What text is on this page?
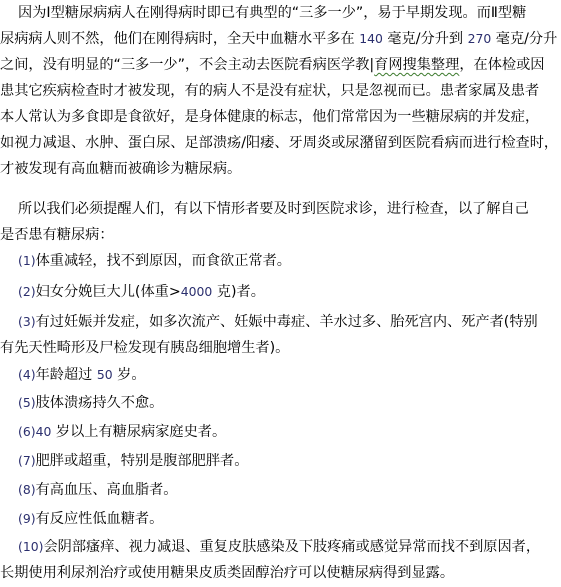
因为Ⅰ型糖尿病病人在刚得病时即已有典型的“三多一少”，易于早期发现。而Ⅱ型糖
尿病病人则不然，他们在刚得病时，全天中血糖水平多在 140 毫克/分升到 270 毫克/分升
之间，没有明显的“三多一少”，不会主动去医院看病医学教|育网搜集整理，在体检或因
患其它疾病检查时才被发现，有的病人不是没有症状，只是忽视而已。患者家属及患者
本人常认为多食即是食欲好，是身体健康的标志，他们常常因为一些糖尿病的并发症，
如视力减退、水肿、蛋白尿、足部溃疡/阳痿、牙周炎或尿潴留到医院看病而进行检查时，
才被发现有高血糖而被确诊为糖尿病。
所以我们必须提醒人们，有以下情形者要及时到医院求诊，进行检查，以了解自己
是否患有糖尿病：
(1)体重减轻，找不到原因，而食欲正常者。
(2)妇女分娩巨大儿(体重>4000 克)者。
(3)有过妊娠并发症，如多次流产、妊娠中毒症、羊水过多、胎死宫内、死产者(特别
有先天性畸形及尸检发现有胰岛细胞增生者)。
(4)年龄超过 50 岁。
(5)肢体溃疡持久不愈。
(6)40 岁以上有糖尿病家庭史者。
(7)肥胖或超重，特别是腹部肥胖者。
(8)有高血压、高血脂者。
(9)有反应性低血糖者。
(10)会阴部瘙痒、视力减退、重复皮肤感染及下肢疼痛或感觉异常而找不到原因者，
长期使用利尿剂治疗或使用糖果皮质类固醇治疗可以使糖尿病得到显露。
